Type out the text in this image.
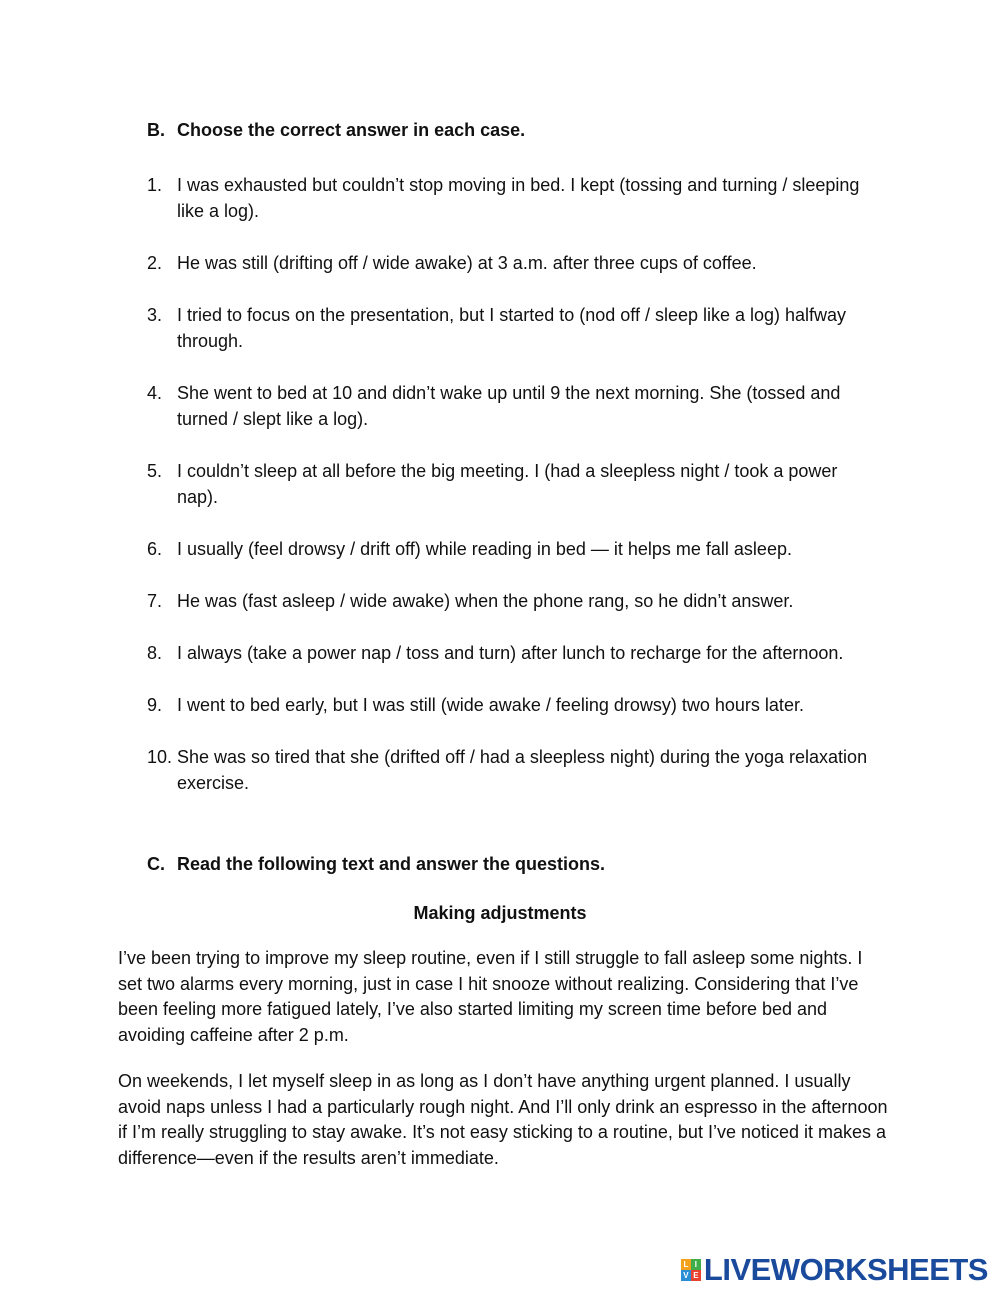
B. Choose the correct answer in each case.
1. I was exhausted but couldn’t stop moving in bed. I kept (tossing and turning / sleeping like a log).
2. He was still (drifting off / wide awake) at 3 a.m. after three cups of coffee.
3. I tried to focus on the presentation, but I started to (nod off / sleep like a log) halfway through.
4. She went to bed at 10 and didn’t wake up until 9 the next morning. She (tossed and turned / slept like a log).
5. I couldn’t sleep at all before the big meeting. I (had a sleepless night / took a power nap).
6. I usually (feel drowsy / drift off) while reading in bed — it helps me fall asleep.
7. He was (fast asleep / wide awake) when the phone rang, so he didn’t answer.
8. I always (take a power nap / toss and turn) after lunch to recharge for the afternoon.
9. I went to bed early, but I was still (wide awake / feeling drowsy) two hours later.
10. She was so tired that she (drifted off / had a sleepless night) during the yoga relaxation exercise.
C. Read the following text and answer the questions.
Making adjustments

I’ve been trying to improve my sleep routine, even if I still struggle to fall asleep some nights. I set two alarms every morning, just in case I hit snooze without realizing. Considering that I’ve been feeling more fatigued lately, I’ve also started limiting my screen time before bed and avoiding caffeine after 2 p.m.

On weekends, I let myself sleep in as long as I don’t have anything urgent planned. I usually avoid naps unless I had a particularly rough night. And I’ll only drink an espresso in the afternoon if I’m really struggling to stay awake. It’s not easy sticking to a routine, but I’ve noticed it makes a difference—even if the results aren’t immediate.

L I
V E LIVEWORKSHEETS
